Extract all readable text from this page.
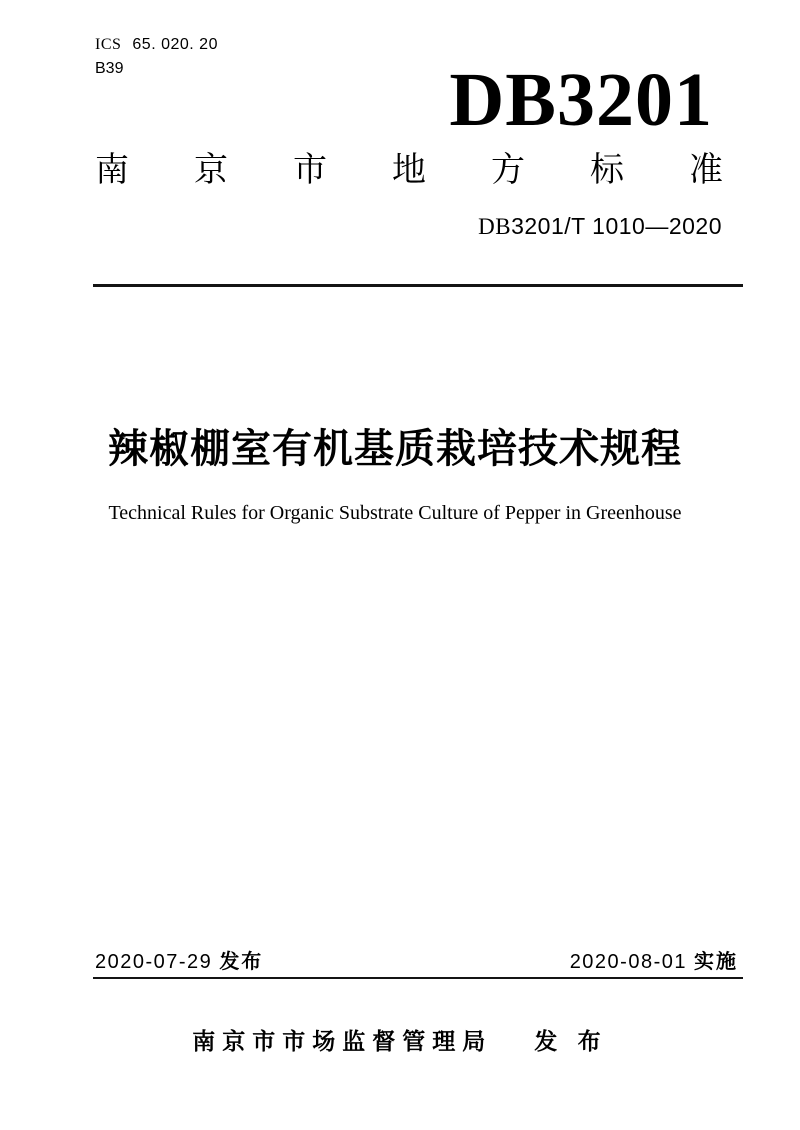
ICS 65. 020. 20
B39	DB3201
南 京 市 地 方 标 准
DB3201/T 1010—2020
辣椒棚室有机基质栽培技术规程
Technical Rules for Organic Substrate Culture of Pepper in Greenhouse
2020-07-29 发布	2020-08-01 实施
南京市市场监督管理局 发 布
